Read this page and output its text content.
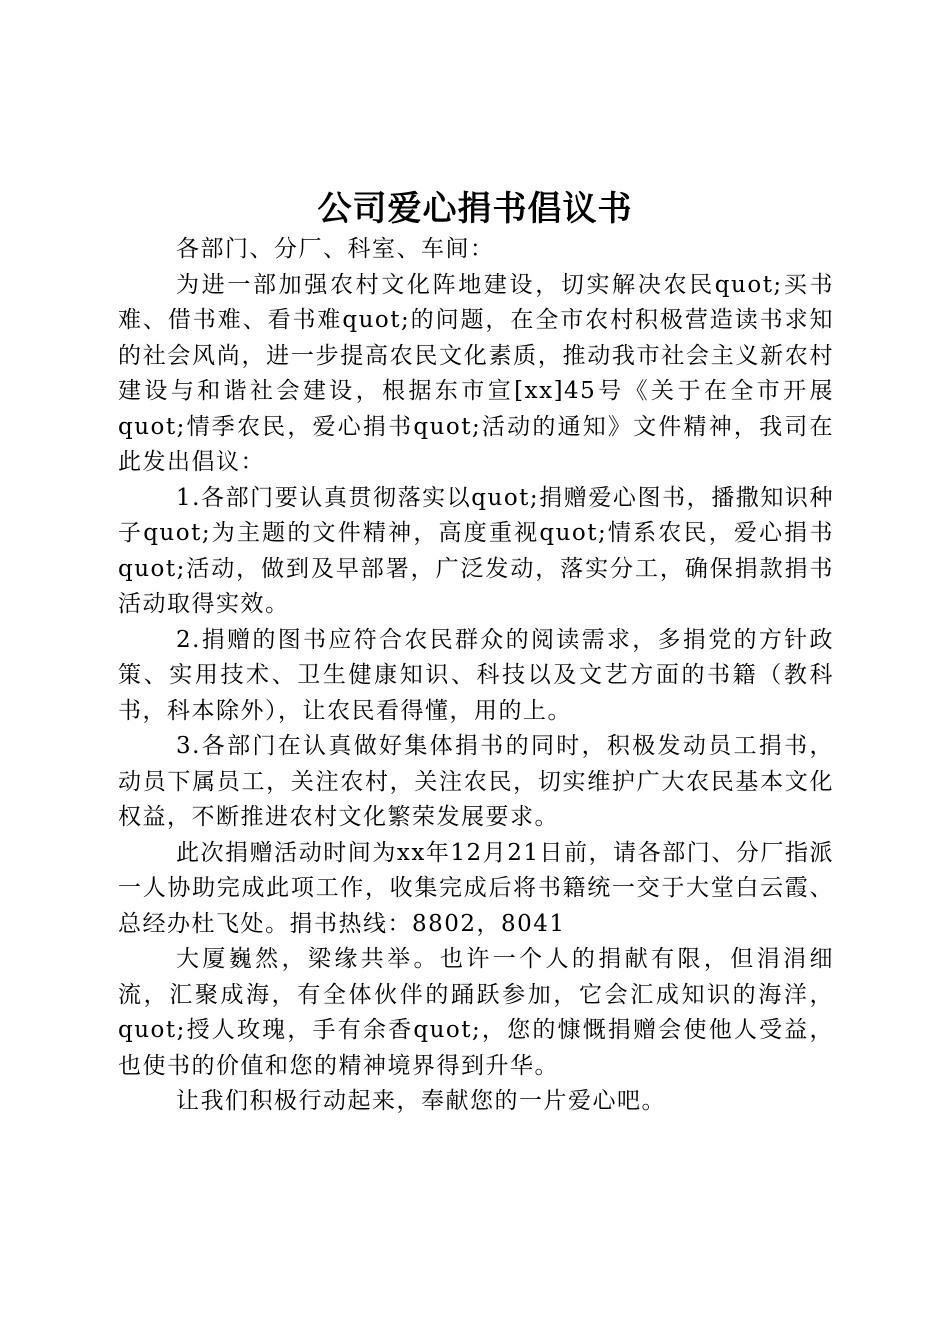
公司爱心捐书倡议书

各部门、分厂、科室、车间：

为进一部加强农村文化阵地建设，切实解决农民quot;买书难、借书难、看书难quot;的问题，在全市农村积极营造读书求知的社会风尚，进一步提高农民文化素质，推动我市社会主义新农村建设与和谐社会建设，根据东市宣[xx]45号《关于在全市开展quot;情季农民，爱心捐书quot;活动的通知》文件精神，我司在此发出倡议：

1.各部门要认真贯彻落实以quot;捐赠爱心图书，播撒知识种子quot;为主题的文件精神，高度重视quot;情系农民，爱心捐书quot;活动，做到及早部署，广泛发动，落实分工，确保捐款捐书活动取得实效。

2.捐赠的图书应符合农民群众的阅读需求，多捐党的方针政策、实用技术、卫生健康知识、科技以及文艺方面的书籍（教科书，科本除外），让农民看得懂，用的上。

3.各部门在认真做好集体捐书的同时，积极发动员工捐书，动员下属员工，关注农村，关注农民，切实维护广大农民基本文化权益，不断推进农村文化繁荣发展要求。

此次捐赠活动时间为xx年12月21日前，请各部门、分厂指派一人协助完成此项工作，收集完成后将书籍统一交于大堂白云霞、总经办杜飞处。捐书热线：8802，8041

大厦巍然，梁缘共举。也许一个人的捐献有限，但涓涓细流，汇聚成海，有全体伙伴的踊跃参加，它会汇成知识的海洋，quot;授人玫瑰，手有余香quot;，您的慷慨捐赠会使他人受益，也使书的价值和您的精神境界得到升华。

让我们积极行动起来，奉献您的一片爱心吧。
